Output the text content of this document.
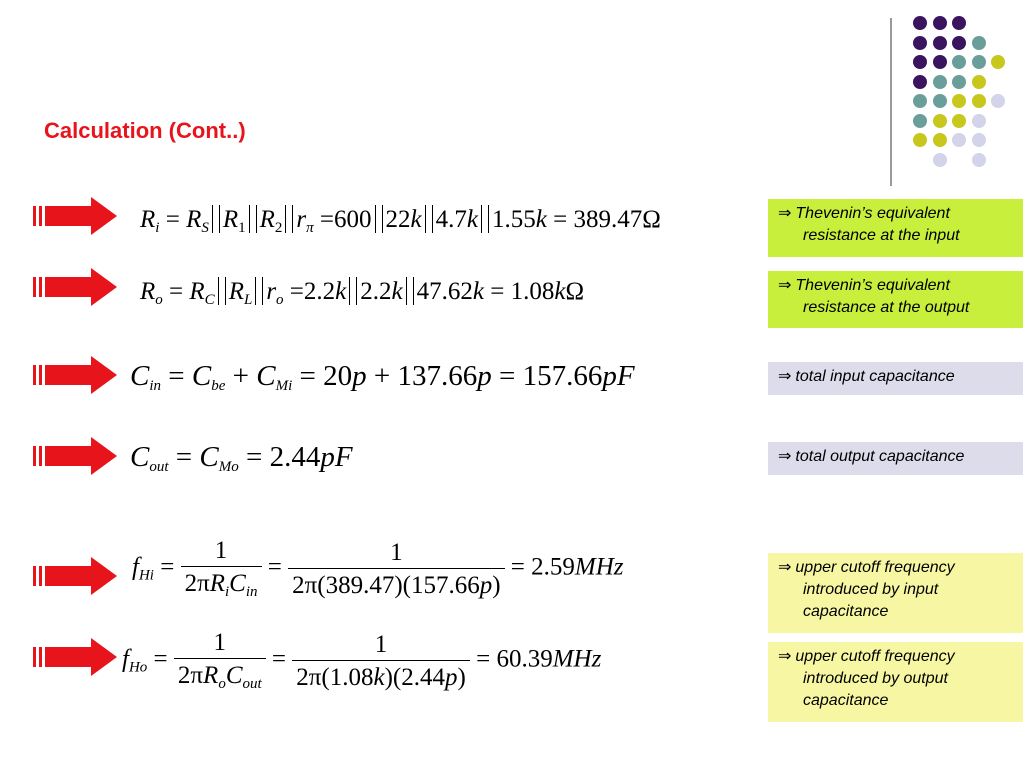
Calculation (Cont..)
$R_i = R_S$ $R_1$ $R_2$ $r_\pi =600$ 22k 4.7k 1.55k = 389.47Ω
$R_o = R_C$ $R_L$ $r_o =2.2k$ 2.2k 47.62k = 1.08kΩ
$C_{in} = C_{be} + C_{Mi} = 20p + 137.66p = 157.66pF$
$C_{out} = C_{Mo} = 2.44pF$
$f_{Hi} = \frac{1}{2\pi R_iC_{in}} = \frac{1}{2\pi(389.47)(157.66p)} = 2.59MHz$
$f_{Ho} = \frac{1}{2\pi R_oC_{out}} = \frac{1}{2\pi(1.08k)(2.44p)} = 60.39MHz$
⇒ Thevenin’s equivalent
resistance at the input
⇒ Thevenin’s equivalent
resistance at the output
⇒ total input capacitance
⇒ total output capacitance
⇒ upper cutoff frequency
introduced by input
capacitance
⇒ upper cutoff frequency
introduced by output
capacitance
